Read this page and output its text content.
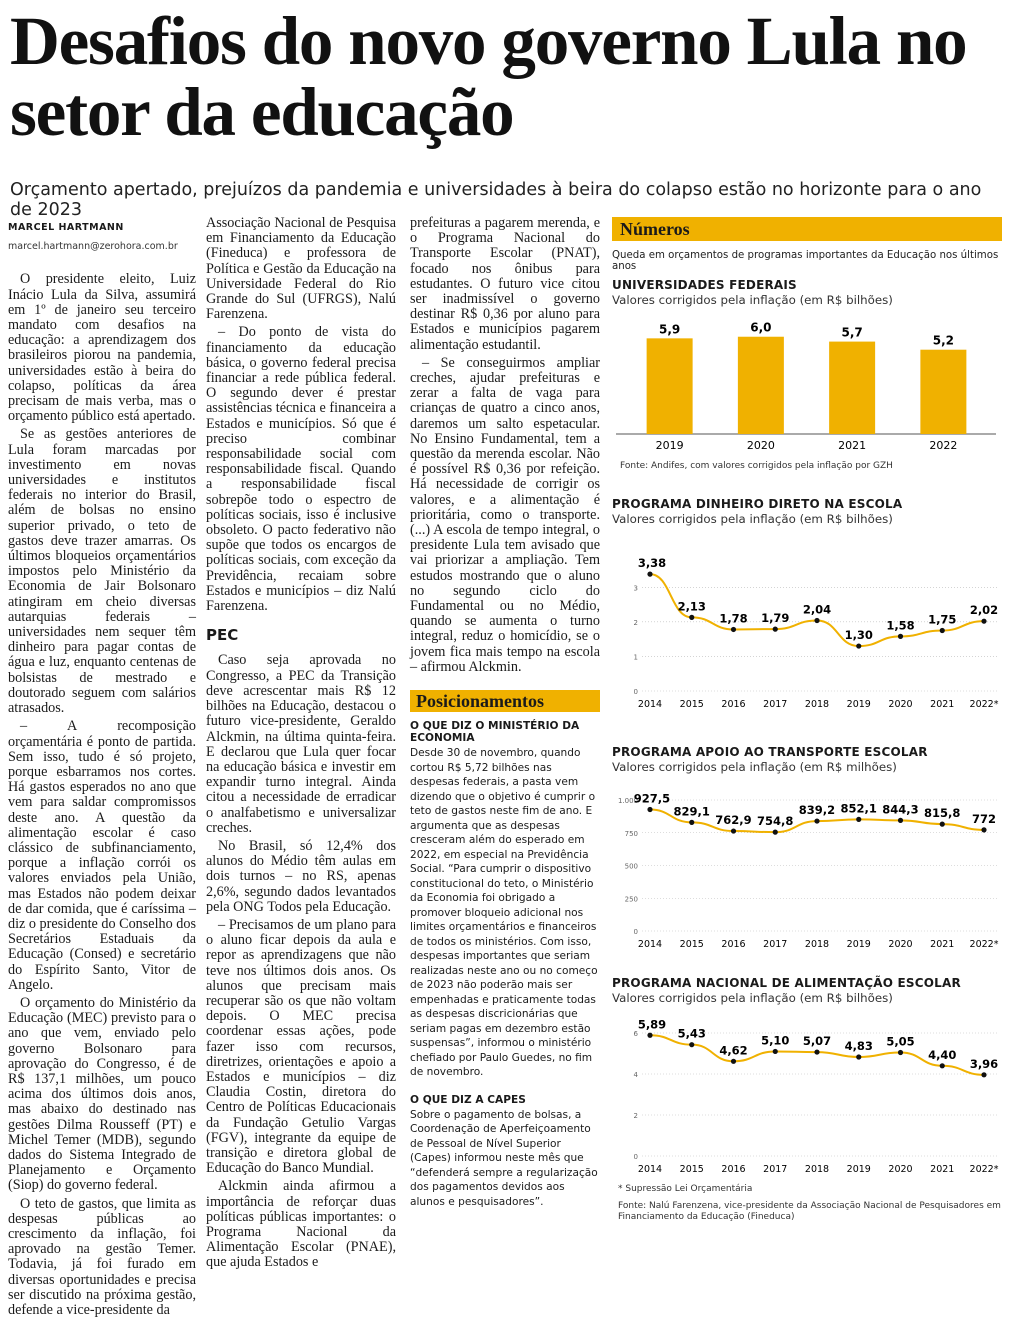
Desafios do novo governo Lula no setor da educação
Orçamento apertado, prejuízos da pandemia e universidades à beira do colapso estão no horizonte para o ano de 2023
MARCEL HARTMANN
marcel.hartmann@zerohora.com.br

O presidente eleito, Luiz Inácio Lula da Silva, assumirá em 1º de janeiro seu terceiro mandato com desafios na educação: a aprendizagem dos brasileiros piorou na pandemia, universidades estão à beira do colapso, políticas da área precisam de mais verba, mas o orçamento público está apertado.

Se as gestões anteriores de Lula foram marcadas por investimento em novas universidades e institutos federais no interior do Brasil, além de bolsas no ensino superior privado, o teto de gastos deve trazer amarras. Os últimos bloqueios orçamentários impostos pelo Ministério da Economia de Jair Bolsonaro atingiram em cheio diversas autarquias federais – universidades nem sequer têm dinheiro para pagar contas de água e luz, enquanto centenas de bolsistas de mestrado e doutorado seguem com salários atrasados.

– A recomposição orçamentária é ponto de partida. Sem isso, tudo é só projeto, porque esbarramos nos cortes. Há gastos esperados no ano que vem para saldar compromissos deste ano. A questão da alimentação escolar é caso clássico de subfinanciamento, porque a inflação corrói os valores enviados pela União, mas Estados não podem deixar de dar comida, que é caríssima – diz o presidente do Conselho dos Secretários Estaduais da Educação (Consed) e secretário do Espírito Santo, Vitor de Angelo.

O orçamento do Ministério da Educação (MEC) previsto para o ano que vem, enviado pelo governo Bolsonaro para aprovação do Congresso, é de R$ 137,1 milhões, um pouco acima dos últimos dois anos, mas abaixo do destinado nas gestões Dilma Rousseff (PT) e Michel Temer (MDB), segundo dados do Sistema Integrado de Planejamento e Orçamento (Siop) do governo federal.

O teto de gastos, que limita as despesas públicas ao crescimento da inflação, foi aprovado na gestão Temer. Todavia, já foi furado em diversas oportunidades e precisa ser discutido na próxima gestão, defende a vice-presidente da

Associação Nacional de Pesquisa em Financiamento da Educação (Fineduca) e professora de Política e Gestão da Educação na Universidade Federal do Rio Grande do Sul (UFRGS), Nalú Farenzena.

– Do ponto de vista do financiamento da educação básica, o governo federal precisa financiar a rede pública federal. O segundo dever é prestar assistências técnica e financeira a Estados e municípios. Só que é preciso combinar responsabilidade social com responsabilidade fiscal. Quando a responsabilidade fiscal sobrepõe todo o espectro de políticas sociais, isso é inclusive obsoleto. O pacto federativo não supõe que todos os encargos de políticas sociais, com exceção da Previdência, recaiam sobre Estados e municípios – diz Nalú Farenzena.

PEC

Caso seja aprovada no Congresso, a PEC da Transição deve acrescentar mais R$ 12 bilhões na Educação, destacou o futuro vice-presidente, Geraldo Alckmin, na última quinta-feira. E declarou que Lula quer focar na educação básica e investir em expandir turno integral. Ainda citou a necessidade de erradicar o analfabetismo e universalizar creches.

No Brasil, só 12,4% dos alunos do Médio têm aulas em dois turnos – no RS, apenas 2,6%, segundo dados levantados pela ONG Todos pela Educação.

– Precisamos de um plano para o aluno ficar depois da aula e repor as aprendizagens que não teve nos últimos dois anos. Os alunos que precisam mais recuperar são os que não voltam depois. O MEC precisa coordenar essas ações, pode fazer isso com recursos, diretrizes, orientações e apoio a Estados e municípios – diz Claudia Costin, diretora do Centro de Políticas Educacionais da Fundação Getulio Vargas (FGV), integrante da equipe de transição e diretora global de Educação do Banco Mundial.

Alckmin ainda afirmou a importância de reforçar duas políticas públicas importantes: o Programa Nacional da Alimentação Escolar (PNAE), que ajuda Estados e

prefeituras a pagarem merenda, e o Programa Nacional do Transporte Escolar (PNAT), focado nos ônibus para estudantes. O futuro vice citou ser inadmissível o governo destinar R$ 0,36 por aluno para Estados e municípios pagarem alimentação estudantil.

– Se conseguirmos ampliar creches, ajudar prefeituras e zerar a falta de vaga para crianças de quatro a cinco anos, daremos um salto espetacular. No Ensino Fundamental, tem a questão da merenda escolar. Não é possível R$ 0,36 por refeição. Há necessidade de corrigir os valores, e a alimentação é prioritária, como o transporte. (...) A escola de tempo integral, o presidente Lula tem avisado que vai priorizar a ampliação. Tem estudos mostrando que o aluno no segundo ciclo do Fundamental ou no Médio, quando se aumenta o turno integral, reduz o homicídio, se o jovem fica mais tempo na escola – afirmou Alckmin.

Posicionamentos
O QUE DIZ O MINISTÉRIO DA ECONOMIA

Desde 30 de novembro, quando cortou R$ 5,72 bilhões nas despesas federais, a pasta vem dizendo que o objetivo é cumprir o teto de gastos neste fim de ano. E argumenta que as despesas cresceram além do esperado em 2022, em especial na Previdência Social. “Para cumprir o dispositivo constitucional do teto, o Ministério da Economia foi obrigado a promover bloqueio adicional nos limites orçamentários e financeiros de todos os ministérios. Com isso, despesas importantes que seriam realizadas neste ano ou no começo de 2023 não poderão mais ser empenhadas e praticamente todas as despesas discricionárias que seriam pagas em dezembro estão suspensas”, informou o ministério chefiado por Paulo Guedes, no fim de novembro.

O QUE DIZ A CAPES

Sobre o pagamento de bolsas, a Coordenação de Aperfeiçoamento de Pessoal de Nível Superior (Capes) informou neste mês que “defenderá sempre a regularização dos pagamentos devidos aos alunos e pesquisadores”.

Números
Queda em orçamentos de programas importantes da Educação nos últimos anos
UNIVERSIDADES FEDERAIS
Valores corrigidos pela inflação (em R$ bilhões)
5,9
2019
6,0
2020
5,7
2021
5,2
2022
Fonte: Andifes, com valores corrigidos pela inflação por GZH
PROGRAMA DINHEIRO DIRETO NA ESCOLA
Valores corrigidos pela inflação (em R$ bilhões)
0
1
2
3
3,38
2014
2,13
2015
1,78
2016
1,79
2017
2,04
2018
1,30
2019
1,58
2020
1,75
2021
2,02
2022*
PROGRAMA APOIO AO TRANSPORTE ESCOLAR
Valores corrigidos pela inflação (em R$ milhões)
0
250
500
750
1.000
927,5
2014
829,1
2015
762,9
2016
754,8
2017
839,2
2018
852,1
2019
844,3
2020
815,8
2021
772
2022*
PROGRAMA NACIONAL DE ALIMENTAÇÃO ESCOLAR
Valores corrigidos pela inflação (em R$ bilhões)
0
2
4
6
5,89
2014
5,43
2015
4,62
2016
5,10
2017
5,07
2018
4,83
2019
5,05
2020
4,40
2021
3,96
2022*
* Supressão Lei Orçamentária
Fonte: Nalú Farenzena, vice-presidente da Associação Nacional de Pesquisadores em Financiamento da Educação (Fineduca)
